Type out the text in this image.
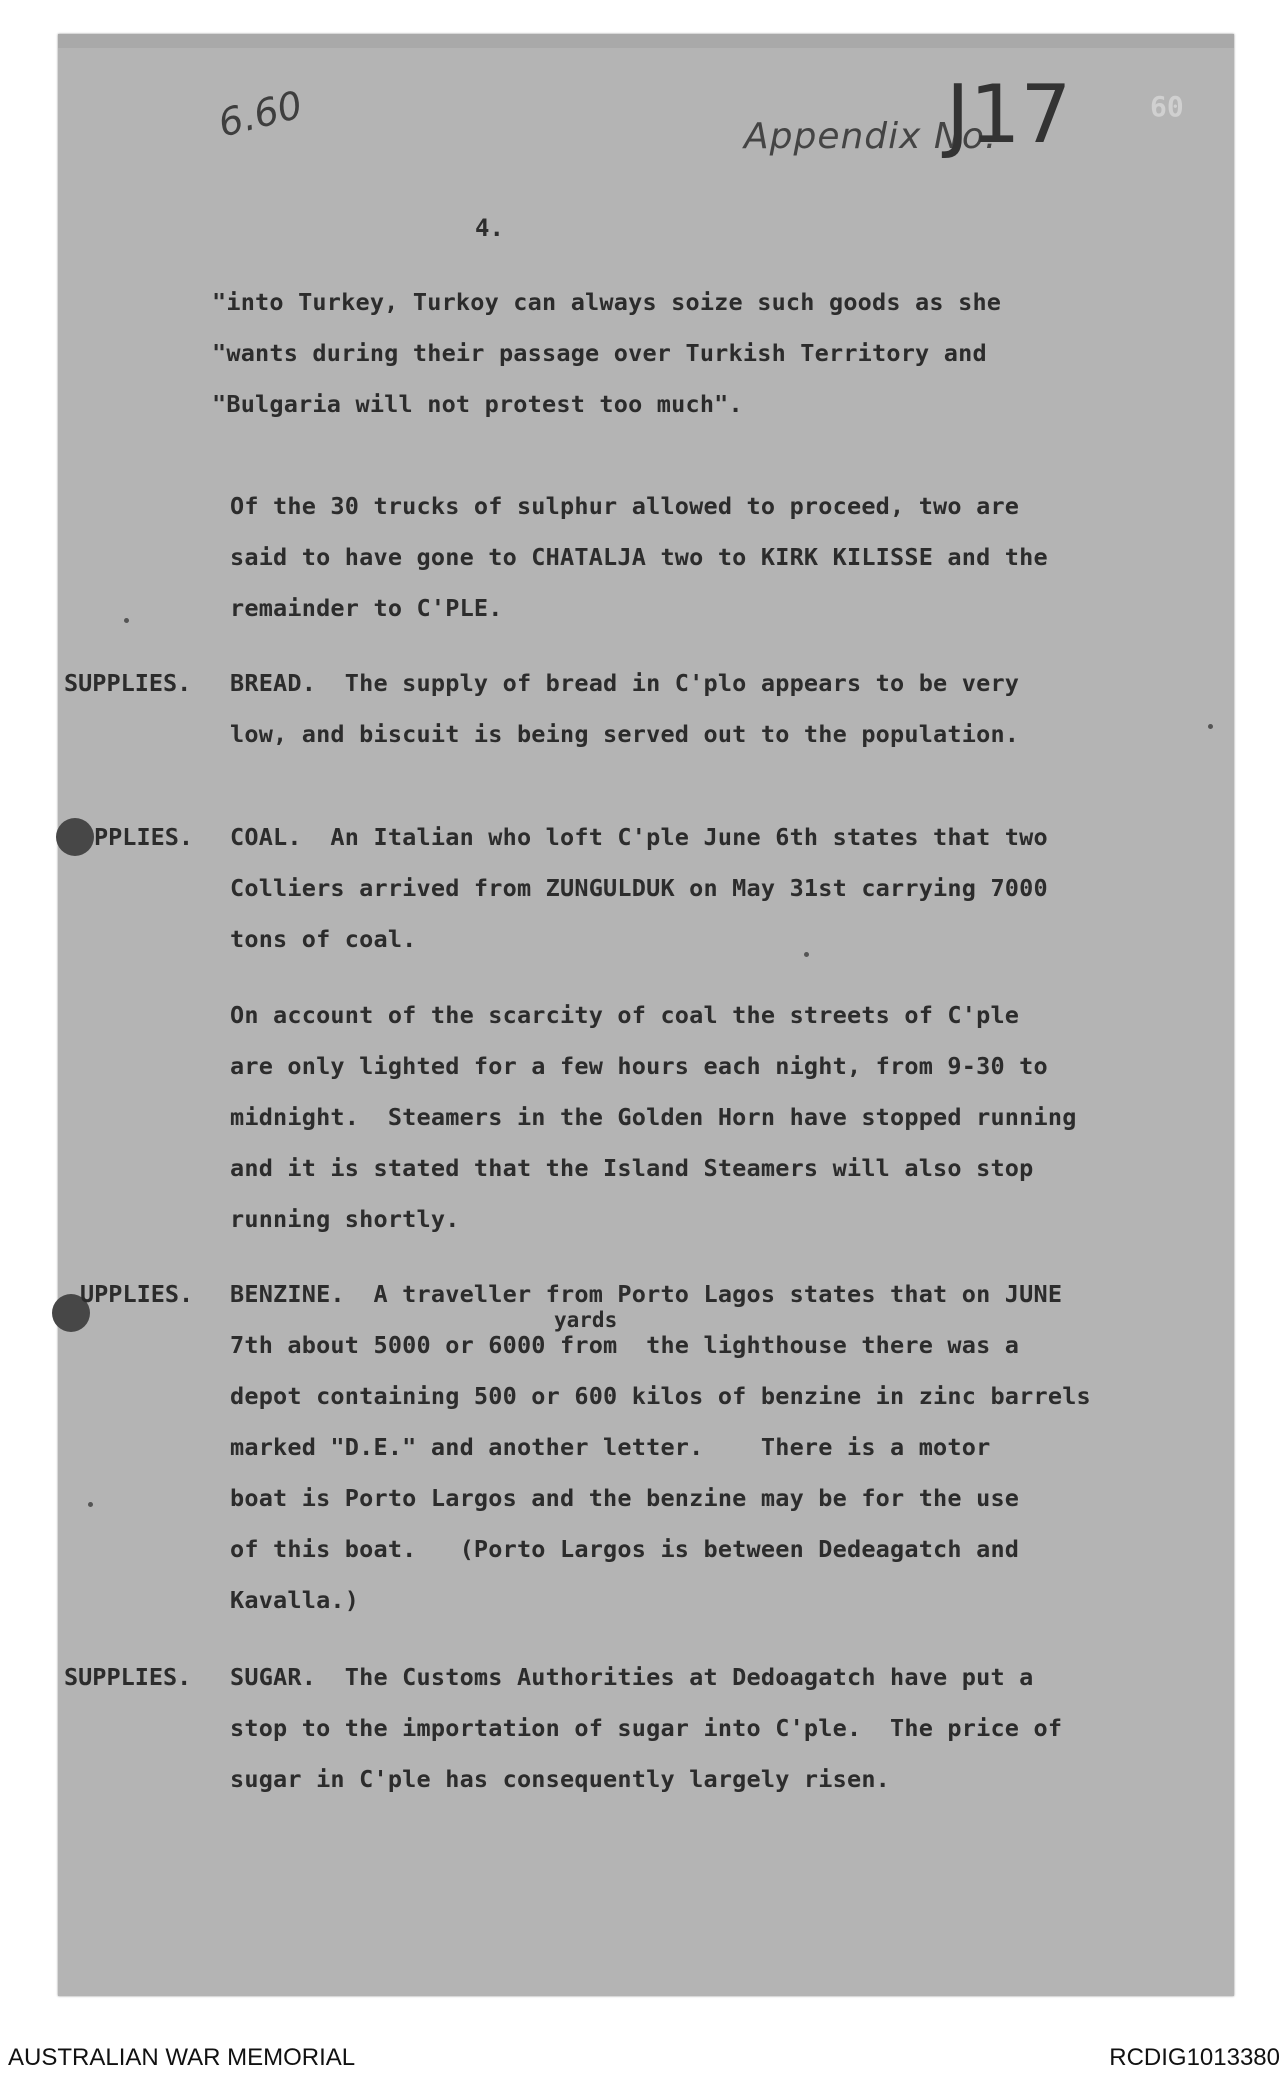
6.60	Appendix No.
J17	60
4.
"into Turkey, Turkoy can always soize such goods as she
"wants during their passage over Turkish Territory and
"Bulgaria will not protest too much".
Of the 30 trucks of sulphur allowed to proceed, two are
said to have gone to CHATALJA two to KIRK KILISSE and the
remainder to C'PLE.
SUPPLIES. BREAD.  The supply of bread in C'plo appears to be very
low, and biscuit is being served out to the population.
PPLIES. COAL.  An Italian who loft C'ple June 6th states that two
Colliers arrived from ZUNGULDUK on May 31st carrying 7000
tons of coal.
On account of the scarcity of coal the streets of C'ple
are only lighted for a few hours each night, from 9-30 to
midnight.  Steamers in the Golden Horn have stopped running
and it is stated that the Island Steamers will also stop
running shortly.
UPPLIES. BENZINE.  A traveller from Porto Lagos states that on JUNE
yards
7th about 5000 or 6000 from  the lighthouse there was a
depot containing 500 or 600 kilos of benzine in zinc barrels
marked "D.E." and another letter.    There is a motor
boat is Porto Largos and the benzine may be for the use
of this boat.   (Porto Largos is between Dedeagatch and
Kavalla.)
SUPPLIES. SUGAR.  The Customs Authorities at Dedoagatch have put a
stop to the importation of sugar into C'ple.  The price of
sugar in C'ple has consequently largely risen.
AUSTRALIAN WAR MEMORIAL	RCDIG1013380
